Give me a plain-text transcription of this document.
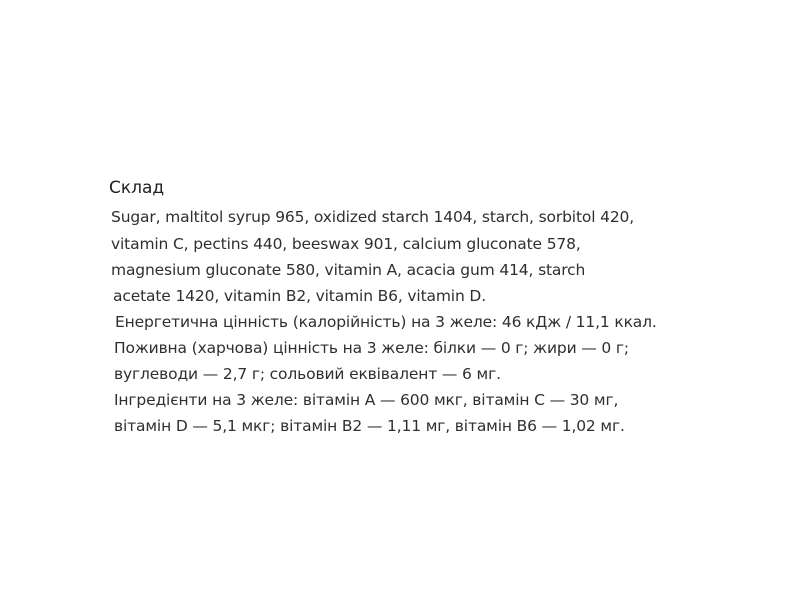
Склад
Sugar, maltitol syrup 965, oxidized starch 1404, starch, sorbitol 420,
vitamin C, pectins 440, beeswax 901, calcium gluconate 578,
magnesium gluconate 580, vitamin A, acacia gum 414, starch
acetate 1420, vitamin B2, vitamin B6, vitamin D.
Енергетична цінність (калорійність) на 3 желе: 46 кДж / 11,1 ккал.
Поживна (харчова) цінність на 3 желе: білки — 0 г; жири — 0 г;
вуглеводи — 2,7 г; сольовий еквівалент — 6 мг.
Інгредієнти на 3 желе: вітамін А — 600 мкг, вітамін С — 30 мг,
вітамін D — 5,1 мкг; вітамін В2 — 1,11 мг, вітамін В6 — 1,02 мг.
